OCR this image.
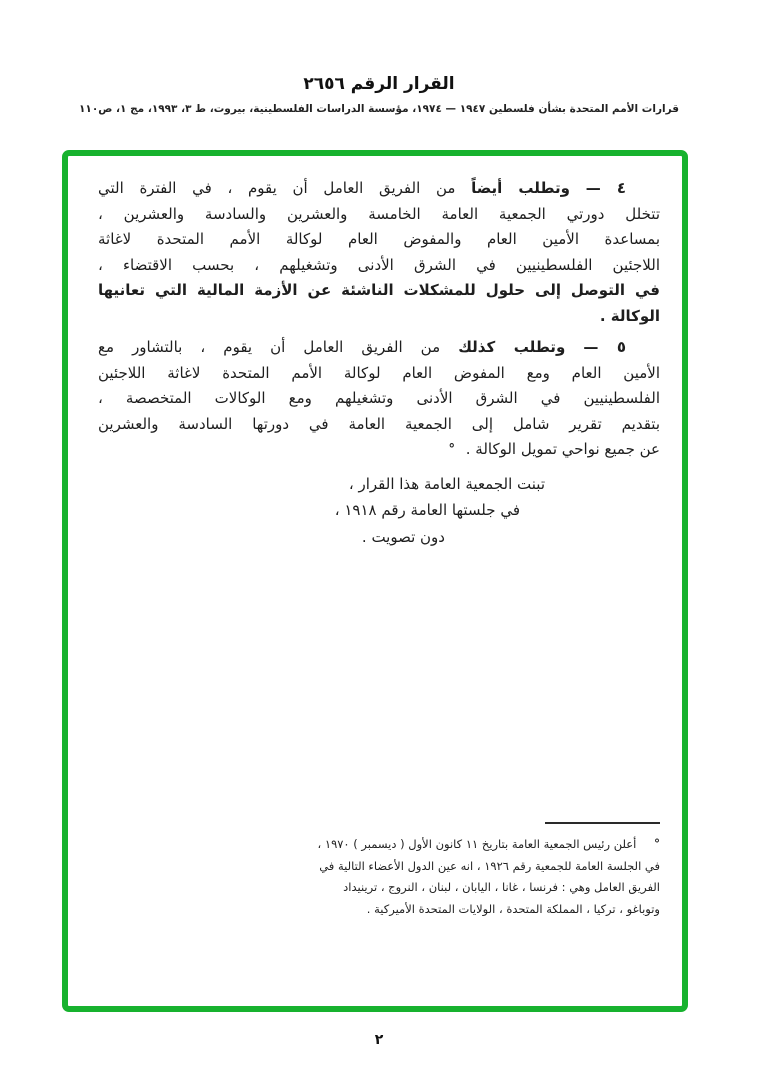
القرار الرقم ٢٦٥٦
قرارات الأمم المتحدة بشأن فلسطين ١٩٤٧ — ١٩٧٤، مؤسسة الدراسات الفلسطينية، بيروت، ط ٣، ١٩٩٣، مج ١، ص١١٠
٤ — وتطلب أيضاً من الفريق العامل أن يقوم ، في الفترة التي
تتخلل دورتي الجمعية العامة الخامسة والعشرين والسادسة والعشرين ،
بمساعدة الأمين العام والمفوض العام لوكالة الأمم المتحدة لاغاثة
اللاجئين الفلسطينيين في الشرق الأدنى وتشغيلهم ، بحسب الاقتضاء ،
في التوصل إلى حلول للمشكلات الناشئة عن الأزمة المالية التي تعانيها
الوكالة .
٥ — وتطلب كذلك من الفريق العامل أن يقوم ، بالتشاور مع
الأمين العام ومع المفوض العام لوكالة الأمم المتحدة لاغاثة اللاجئين
الفلسطينيين في الشرق الأدنى وتشغيلهم ومع الوكالات المتخصصة ،
بتقديم تقرير شامل إلى الجمعية العامة في دورتها السادسة والعشرين
عن جميع نواحي تمويل الوكالة . °
تبنت الجمعية العامة هذا القرار ،
في جلستها العامة رقم ١٩١٨ ،
دون تصويت .
° أعلن رئيس الجمعية العامة بتاريخ ١١ كانون الأول ( ديسمبر ) ١٩٧٠ ،
في الجلسة العامة للجمعية رقم ١٩٢٦ ، انه عين الدول الأعضاء التالية في
الفريق العامل وهي : فرنسا ، غانا ، اليابان ، لبنان ، النروج ، ترينيداد
وتوباغو ، تركيا ، المملكة المتحدة ، الولايات المتحدة الأميركية .
٢
